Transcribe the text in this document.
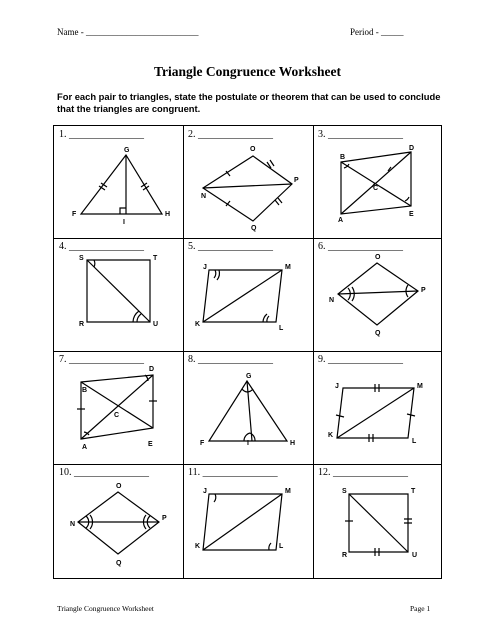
Name - _________________________	Period - _____
Triangle Congruence Worksheet
For each pair to triangles, state the postulate or theorem that can be used to conclude that the triangles are congruent.
1. _______________
G
F
I
H
2. _______________
O
P
N
Q
3. _______________
B
D
C
A
E
4. _______________
S	T
R	U
5. _______________
J	M
K
L
6. _______________
O
P
N
Q
7. _______________
B
D
C
A	E
8. _______________
G
F	I	H
9. _______________
J	M
K
L
10. _______________
O
P
N
Q
11. _______________
J	M
K	L
12. _______________
S	T
R	U
Triangle Congruence Worksheet	Page 1
